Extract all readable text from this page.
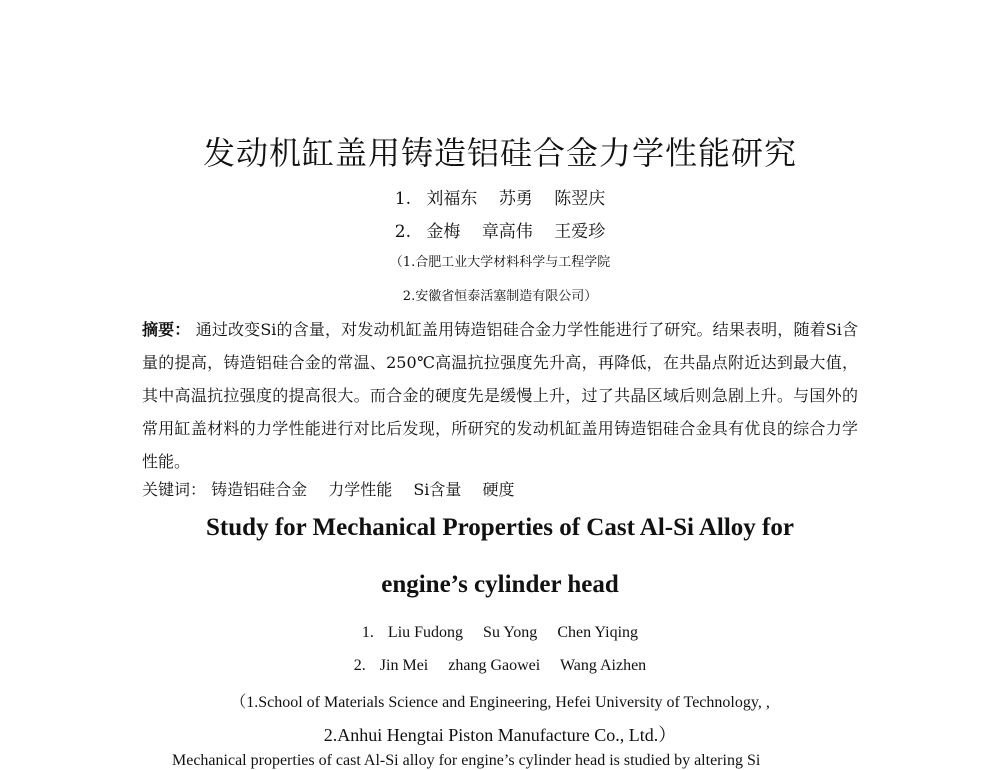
发动机缸盖用铸造铝硅合金力学性能研究
1. 刘福东 苏勇 陈翌庆
2. 金梅 章高伟 王爱珍
（1.合肥工业大学材料科学与工程学院
2.安徽省恒泰活塞制造有限公司）
摘要： 通过改变Si的含量，对发动机缸盖用铸造铝硅合金力学性能进行了研究。结果表明，随着Si含量的提高，铸造铝硅合金的常温、250℃高温抗拉强度先升高，再降低，在共晶点附近达到最大值，其中高温抗拉强度的提高很大。而合金的硬度先是缓慢上升，过了共晶区域后则急剧上升。与国外的常用缸盖材料的力学性能进行对比后发现，所研究的发动机缸盖用铸造铝硅合金具有优良的综合力学性能。
关键词： 铸造铝硅合金 力学性能 Si含量 硬度
Study for Mechanical Properties of Cast Al-Si Alloy for
engine’s cylinder head
1. Liu Fudong Su Yong Chen Yiqing
2. Jin Mei zhang Gaowei Wang Aizhen
（1.School of Materials Science and Engineering, Hefei University of Technology, ,
2.Anhui Hengtai Piston Manufacture Co., Ltd.）
Mechanical properties of cast Al-Si alloy for engine’s cylinder head is studied by altering Si
